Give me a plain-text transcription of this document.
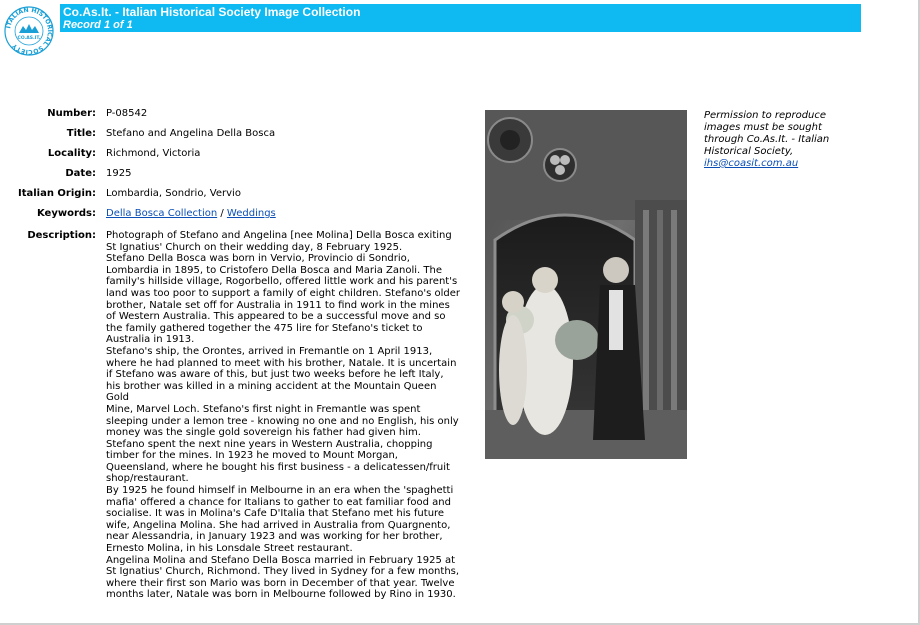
ITALIAN HISTORICAL SOCIETY
CO.AS.IT.
Co.As.It. - Italian Historical Society Image Collection
Record 1 of 1
Number: P-08542
Title: Stefano and Angelina Della Bosca
Locality: Richmond, Victoria
Date: 1925
Italian Origin: Lombardia, Sondrio, Vervio
Keywords: Della Bosca Collection / Weddings
Description: Photograph of Stefano and Angelina [nee Molina] Della Bosca exiting
St Ignatius' Church on their wedding day, 8 February 1925.
Stefano Della Bosca was born in Vervio, Provincio di Sondrio,
Lombardia in 1895, to Cristofero Della Bosca and Maria Zanoli. The
family's hillside village, Rogorbello, offered little work and his parent's
land was too poor to support a family of eight children. Stefano's older
brother, Natale set off for Australia in 1911 to find work in the mines
of Western Australia. This appeared to be a successful move and so
the family gathered together the 475 lire for Stefano's ticket to
Australia in 1913.
Stefano's ship, the Orontes, arrived in Fremantle on 1 April 1913,
where he had planned to meet with his brother, Natale. It is uncertain
if Stefano was aware of this, but just two weeks before he left Italy,
his brother was killed in a mining accident at the Mountain Queen Gold
Mine, Marvel Loch. Stefano's first night in Fremantle was spent
sleeping under a lemon tree - knowing no one and no English, his only
money was the single gold sovereign his father had given him.
Stefano spent the next nine years in Western Australia, chopping
timber for the mines. In 1923 he moved to Mount Morgan,
Queensland, where he bought his first business - a delicatessen/fruit
shop/restaurant.
By 1925 he found himself in Melbourne in an era when the 'spaghetti
mafia' offered a chance for Italians to gather to eat familiar food and
socialise. It was in Molina's Cafe D'Italia that Stefano met his future
wife, Angelina Molina. She had arrived in Australia from Quargnento,
near Alessandria, in January 1923 and was working for her brother,
Ernesto Molina, in his Lonsdale Street restaurant.
Angelina Molina and Stefano Della Bosca married in February 1925 at
St Ignatius' Church, Richmond. They lived in Sydney for a few months,
where their first son Mario was born in December of that year. Twelve
months later, Natale was born in Melbourne followed by Rino in 1930.
Permission to reproduce
images must be sought
through Co.As.It. - Italian
Historical Society,
ihs@coasit.com.au
